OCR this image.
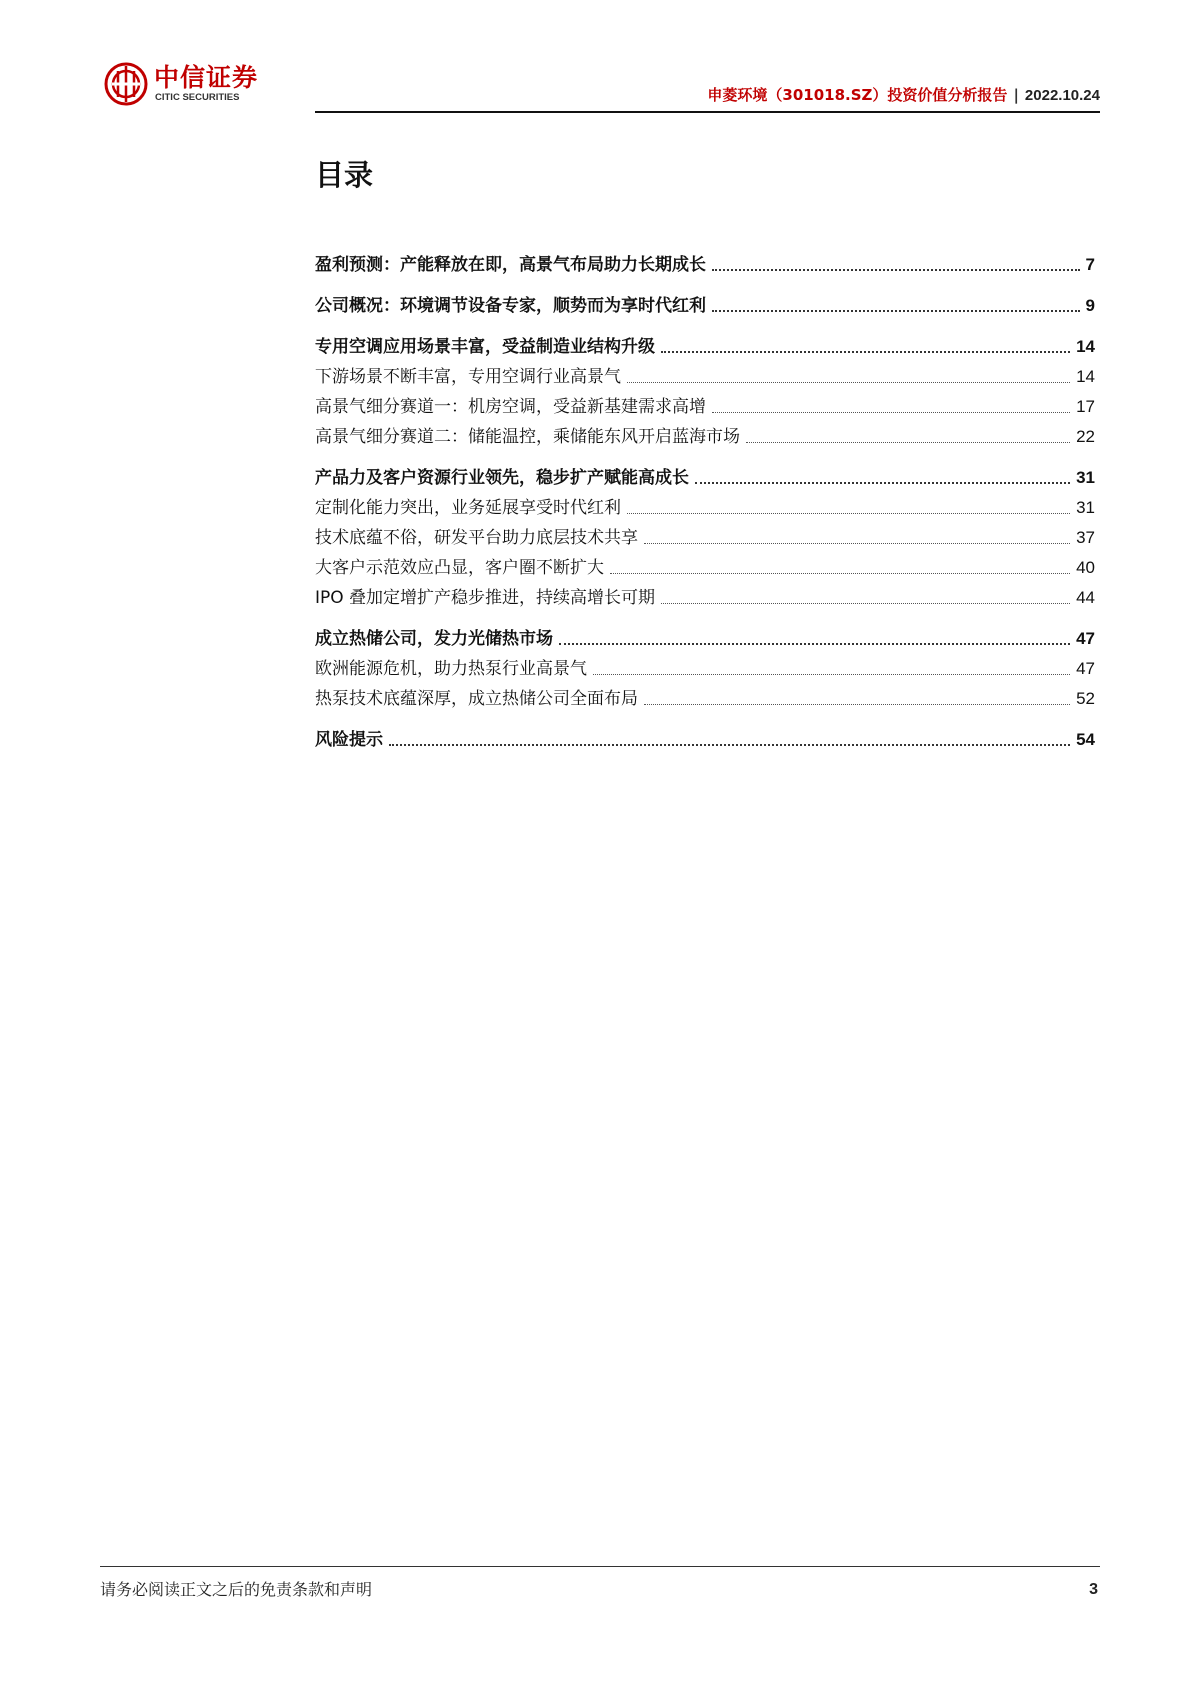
中信证券
CITIC SECURITIES	申菱环境（301018.SZ）投资价值分析报告 | 2022.10.24
目录
盈利预测：产能释放在即，高景气布局助力长期成长	7
公司概况：环境调节设备专家，顺势而为享时代红利	9
专用空调应用场景丰富，受益制造业结构升级	14
下游场景不断丰富，专用空调行业高景气	14
高景气细分赛道一：机房空调，受益新基建需求高增	17
高景气细分赛道二：储能温控，乘储能东风开启蓝海市场	22
产品力及客户资源行业领先，稳步扩产赋能高成长	31
定制化能力突出，业务延展享受时代红利	31
技术底蕴不俗，研发平台助力底层技术共享	37
大客户示范效应凸显，客户圈不断扩大	40
IPO 叠加定增扩产稳步推进，持续高增长可期	44
成立热储公司，发力光储热市场	47
欧洲能源危机，助力热泵行业高景气	47
热泵技术底蕴深厚，成立热储公司全面布局	52
风险提示	54
请务必阅读正文之后的免责条款和声明	3
